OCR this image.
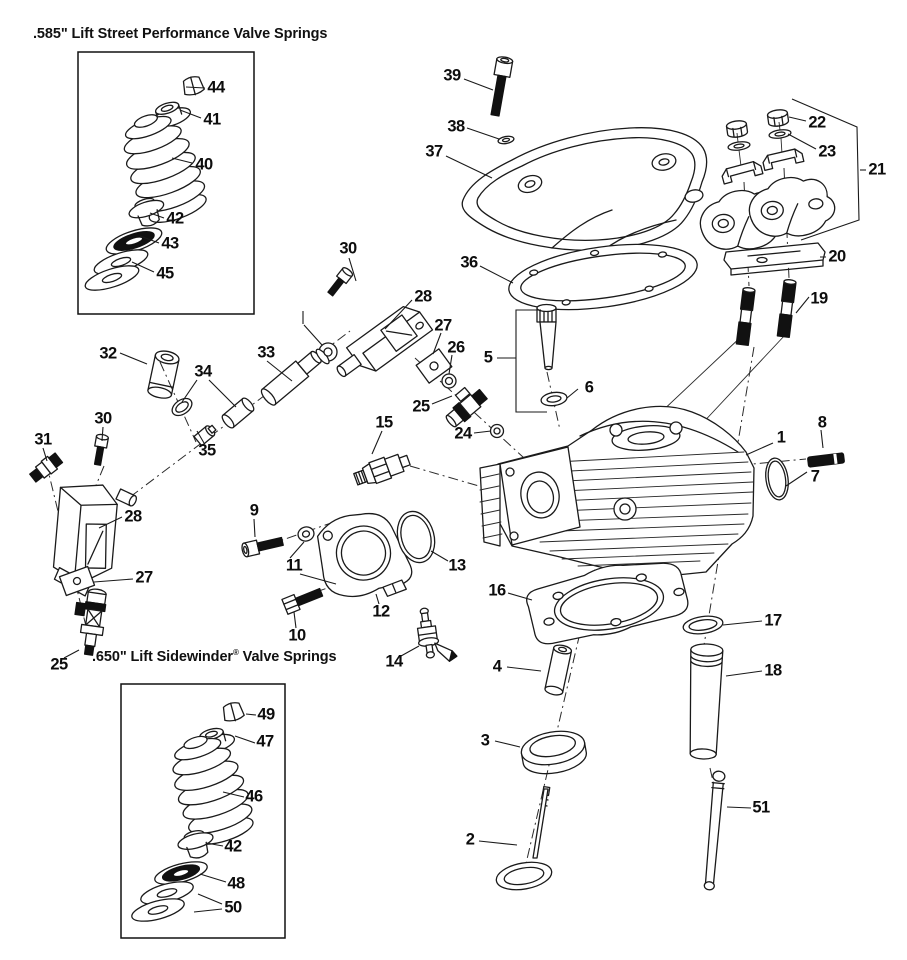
.585" Lift Street Performance Valve Springs
.650" Lift Sidewinder® Valve Springs
44
41
40
42
43
45
39
38
37
22
23
21
20
19
36
30
28
27
26
5
6
32	33
34
25
15
24
31
30
35
8
1
7
9
28
11	13
27
12
16
10
14
25
17
4	18
3
49
47
46
42
48
50
2
51
